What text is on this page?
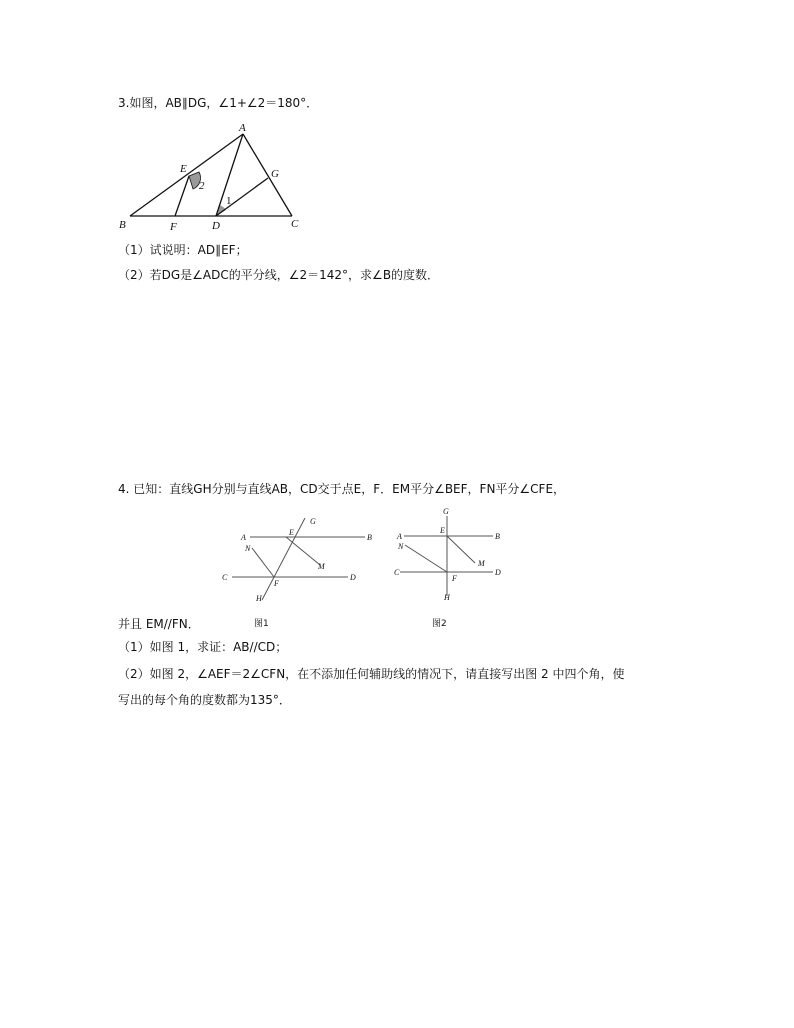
3.如图，AB∥DG，∠1+∠2＝180°．
A
E	G
B	F	D	C
2
1
A	B
C	D
E
G
F
H
N
M
A	B
C	D
E
G
F
H
N
M
（1）试说明：AD∥EF；
（2）若DG是∠ADC的平分线，∠2＝142°，求∠B的度数．
4. 已知：直线GH分别与直线AB，CD交于点E，F．EM平分∠BEF，FN平分∠CFE，
并且 EM//FN．	图1	图2
（1）如图 1，求证：AB//CD；
（2）如图 2，∠AEF＝2∠CFN，在不添加任何辅助线的情况下，请直接写出图 2 中四个角，使
写出的每个角的度数都为135°．
